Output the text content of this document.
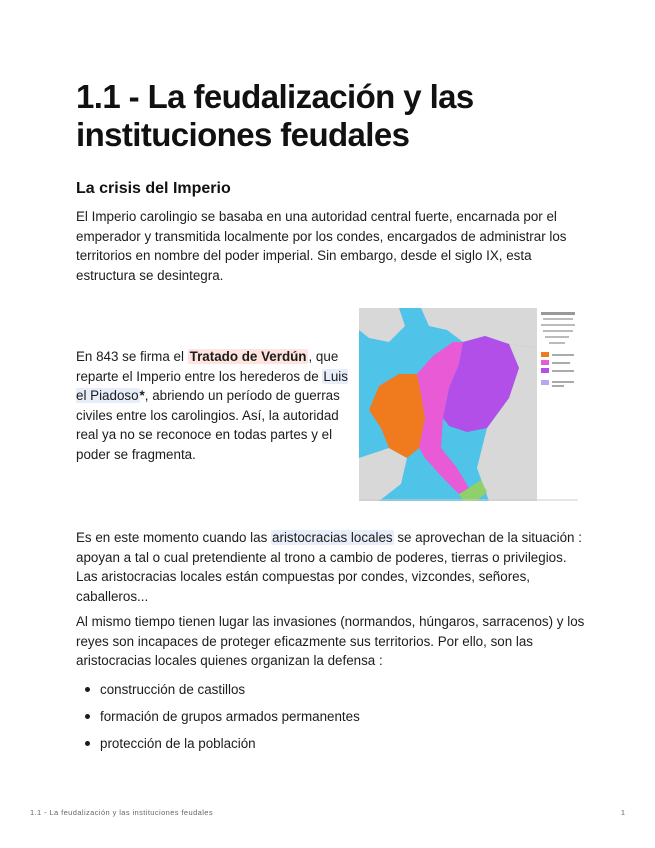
1.1 - La feudalización y las instituciones feudales
La crisis del Imperio

El Imperio carolingio se basaba en una autoridad central fuerte, encarnada por el emperador y transmitida localmente por los condes, encargados de administrar los territorios en nombre del poder imperial. Sin embargo, desde el siglo IX, esta estructura se desintegra.

En 843 se firma el Tratado de Verdún , que reparte el Imperio entre los herederos de Luis el Piadoso*, abriendo un período de guerras civiles entre los carolingios. Así, la autoridad real ya no se reconoce en todas partes y el poder se fragmenta.

Es en este momento cuando las aristocracias locales se aprovechan de la situación : apoyan a tal o cual pretendiente al trono a cambio de poderes, tierras o privilegios. Las aristocracias locales están compuestas por condes, vizcondes, señores, caballeros...

Al mismo tiempo tienen lugar las invasiones (normandos, húngaros, sarracenos) y los reyes son incapaces de proteger eficazmente sus territorios. Por ello, son las aristocracias locales quienes organizan la defensa :

construcción de castillos
formación de grupos armados permanentes
protección de la población
1.1 - La feudalización y las instituciones feudales	1
